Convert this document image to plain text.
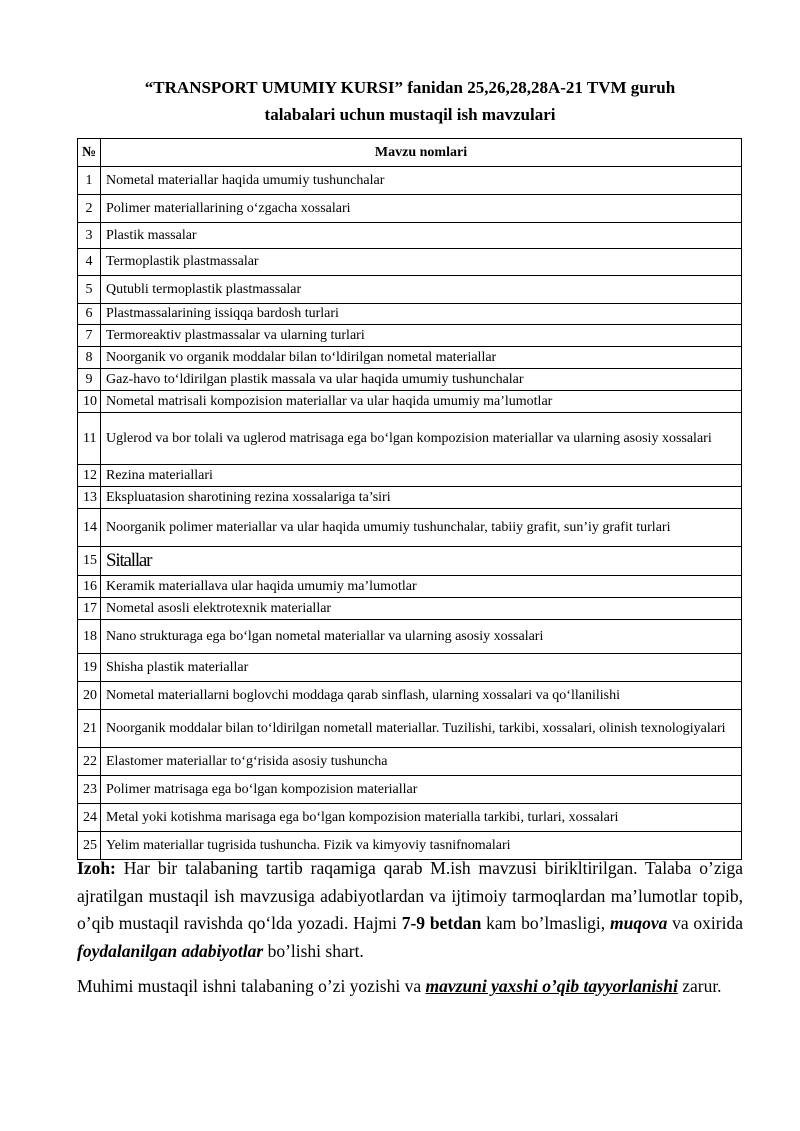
“TRANSPORT UMUMIY KURSI” fanidan 25,26,28,28A-21 TVM guruh
talabalari uchun mustaqil ish mavzulari
№	Mavzu nomlari
1	Nometal materiallar haqida umumiy tushunchalar
2	Polimer materiallarining o‘zgacha xossalari
3	Plastik massalar
4	Termoplastik plastmassalar
5	Qutubli termoplastik plastmassalar
6	Plastmassalarining issiqqa bardosh turlari
7	Termoreaktiv plastmassalar va ularning turlari
8	Noorganik vo organik moddalar bilan to‘ldirilgan nometal materiallar
9	Gaz-havo to‘ldirilgan plastik massala va ular haqida umumiy tushunchalar
10	Nometal matrisali kompozision materiallar va ular haqida umumiy ma’lumotlar
11	Uglerod va bor tolali va uglerod matrisaga ega bo‘lgan kompozision materiallar va ularning asosiy xossalari
12	Rezina materiallari
13	Ekspluatasion sharotining rezina xossalariga ta’siri
14	Noorganik polimer materiallar va ular haqida umumiy tushunchalar, tabiiy grafit, sun’iy grafit turlari
15	Sitallar
16	Keramik materiallava ular haqida umumiy ma’lumotlar
17	Nometal asosli elektrotexnik materiallar
18	Nano strukturaga ega bo‘lgan nometal materiallar va ularning asosiy xossalari
19	Shisha plastik materiallar
20	Nometal materiallarni boglovchi moddaga qarab sinflash, ularning xossalari va qo‘llanilishi
21	Noorganik moddalar bilan to‘ldirilgan nometall materiallar. Tuzilishi, tarkibi, xossalari, olinish texnologiyalari
22	Elastomer materiallar to‘g‘risida asosiy tushuncha
23	Polimer matrisaga ega bo‘lgan kompozision materiallar
24	Metal yoki kotishma marisaga ega bo‘lgan kompozision materialla tarkibi, turlari, xossalari
25	Yelim materiallar tugrisida tushuncha. Fizik va kimyoviy tasnifnomalari

Izoh: Har bir talabaning tartib raqamiga qarab M.ish mavzusi birikltirilgan. Talaba o’ziga ajratilgan mustaqil ish mavzusiga adabiyotlardan va ijtimoiy tarmoqlardan ma’lumotlar topib, o’qib mustaqil ravishda qo‘lda yozadi. Hajmi 7-9 betdan kam bo’lmasligi, muqova va oxirida foydalanilgan adabiyotlar bo’lishi shart.

Muhimi mustaqil ishni talabaning o’zi yozishi va mavzuni yaxshi o’qib tayyorlanishi zarur.
